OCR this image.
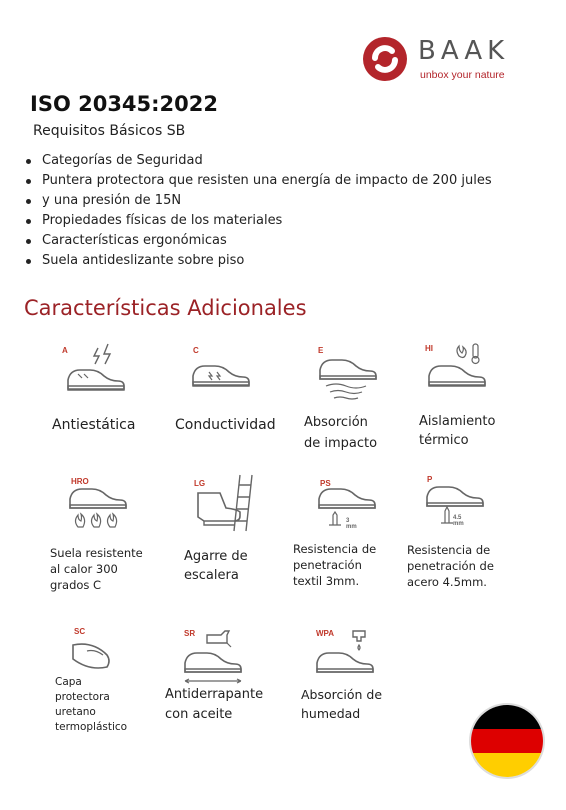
BAAK
unbox your nature
ISO 20345:2022
Requisitos Básicos SB
Categorías de Seguridad
Puntera protectora que resisten una energía de impacto de 200 jules
y una presión de 15N
Propiedades físicas de los materiales
Características ergonómicas
Suela antideslizante sobre piso
Características Adicionales
A
Antiestática
C
Conductividad
E
Absorción
de impacto
HI
Aislamiento
térmico
HRO
Suela resistente
al calor 300
grados C
LG
Agarre de
escalera
PS
3 mm
Resistencia de
penetración
textil 3mm.
P
4.5 mm
Resistencia de
penetración de
acero 4.5mm.
SC
Capa
protectora
uretano
termoplástico
SR
Antiderrapante
con aceite
WPA
Absorción de
humedad
